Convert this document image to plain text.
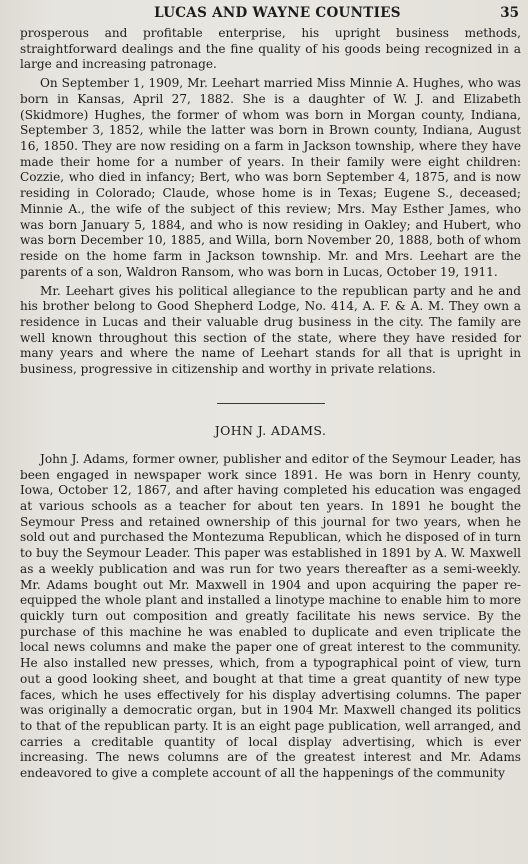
LUCAS AND WAYNE COUNTIES	35

prosperous and profitable enterprise, his upright business methods, straightforward dealings and the fine quality of his goods being recognized in a large and increasing patronage.

On September 1, 1909, Mr. Leehart married Miss Minnie A. Hughes, who was born in Kansas, April 27, 1882. She is a daughter of W. J. and Elizabeth (Skidmore) Hughes, the former of whom was born in Morgan county, Indiana, September 3, 1852, while the latter was born in Brown county, Indiana, August 16, 1850. They are now residing on a farm in Jackson township, where they have made their home for a number of years. In their family were eight children: Cozzie, who died in infancy; Bert, who was born September 4, 1875, and is now residing in Colorado; Claude, whose home is in Texas; Eugene S., deceased; Minnie A., the wife of the subject of this review; Mrs. May Esther James, who was born January 5, 1884, and who is now residing in Oakley; and Hubert, who was born December 10, 1885, and Willa, born November 20, 1888, both of whom reside on the home farm in Jackson township. Mr. and Mrs. Leehart are the parents of a son, Waldron Ransom, who was born in Lucas, October 19, 1911.

Mr. Leehart gives his political allegiance to the republican party and he and his brother belong to Good Shepherd Lodge, No. 414, A. F. & A. M. They own a residence in Lucas and their valuable drug business in the city. The family are well known throughout this section of the state, where they have resided for many years and where the name of Leehart stands for all that is upright in business, progressive in citizenship and worthy in private relations.

JOHN J. ADAMS.

John J. Adams, former owner, publisher and editor of the Seymour Leader, has been engaged in newspaper work since 1891. He was born in Henry county, Iowa, October 12, 1867, and after having completed his education was engaged at various schools as a teacher for about ten years. In 1891 he bought the Seymour Press and retained ownership of this journal for two years, when he sold out and purchased the Montezuma Republican, which he disposed of in turn to buy the Seymour Leader. This paper was established in 1891 by A. W. Maxwell as a weekly publication and was run for two years thereafter as a semi-weekly. Mr. Adams bought out Mr. Maxwell in 1904 and upon acquiring the paper re-equipped the whole plant and installed a linotype machine to enable him to more quickly turn out composition and greatly facilitate his news service. By the purchase of this machine he was enabled to duplicate and even triplicate the local news columns and make the paper one of great interest to the community. He also installed new presses, which, from a typographical point of view, turn out a good looking sheet, and bought at that time a great quantity of new type faces, which he uses effectively for his display advertising columns. The paper was originally a democratic organ, but in 1904 Mr. Maxwell changed its politics to that of the republican party. It is an eight page publication, well arranged, and carries a creditable quantity of local display advertising, which is ever increasing. The news columns are of the greatest interest and Mr. Adams endeavored to give a complete account of all the happenings of the community
